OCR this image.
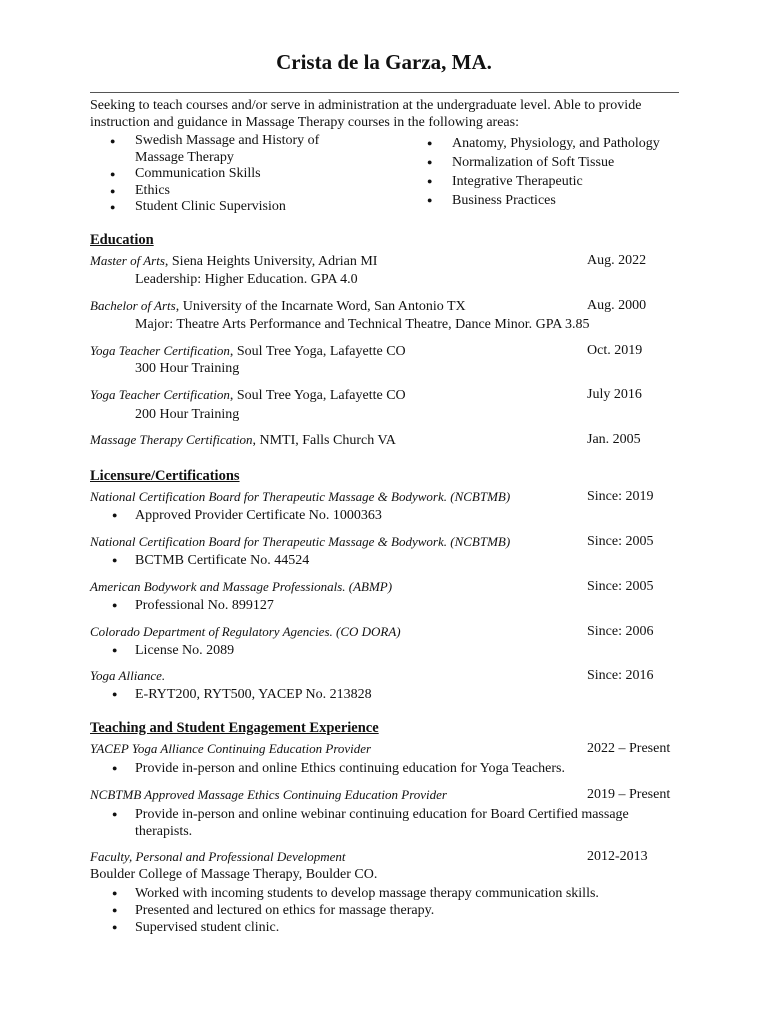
Crista de la Garza, MA.
Seeking to teach courses and/or serve in administration at the undergraduate level. Able to provide instruction and guidance in Massage Therapy courses in the following areas:
● Swedish Massage and History of Massage Therapy
● Communication Skills
● Ethics
● Student Clinic Supervision
● Anatomy, Physiology, and Pathology
● Normalization of Soft Tissue
● Integrative Therapeutic
● Business Practices
Education
Master of Arts, Siena Heights University, Adrian MI	Aug. 2022
Leadership: Higher Education. GPA 4.0
Bachelor of Arts, University of the Incarnate Word, San Antonio TX	Aug. 2000
Major: Theatre Arts Performance and Technical Theatre, Dance Minor. GPA 3.85
Yoga Teacher Certification, Soul Tree Yoga, Lafayette CO	Oct. 2019
300 Hour Training
Yoga Teacher Certification, Soul Tree Yoga, Lafayette CO	July 2016
200 Hour Training
Massage Therapy Certification, NMTI, Falls Church VA	Jan. 2005
Licensure/Certifications
National Certification Board for Therapeutic Massage & Bodywork. (NCBTMB)	Since: 2019
● Approved Provider Certificate No. 1000363
National Certification Board for Therapeutic Massage & Bodywork. (NCBTMB)	Since: 2005
● BCTMB Certificate No. 44524
American Bodywork and Massage Professionals. (ABMP)	Since: 2005
● Professional No. 899127
Colorado Department of Regulatory Agencies. (CO DORA)	Since: 2006
● License No. 2089
Yoga Alliance.	Since: 2016
● E-RYT200, RYT500, YACEP No. 213828
Teaching and Student Engagement Experience
YACEP Yoga Alliance Continuing Education Provider	2022 – Present
● Provide in-person and online Ethics continuing education for Yoga Teachers.
NCBTMB Approved Massage Ethics Continuing Education Provider	2019 – Present
● Provide in-person and online webinar continuing education for Board Certified massage therapists.
Faculty, Personal and Professional Development	2012-2013
Boulder College of Massage Therapy, Boulder CO.
● Worked with incoming students to develop massage therapy communication skills.
● Presented and lectured on ethics for massage therapy.
● Supervised student clinic.
